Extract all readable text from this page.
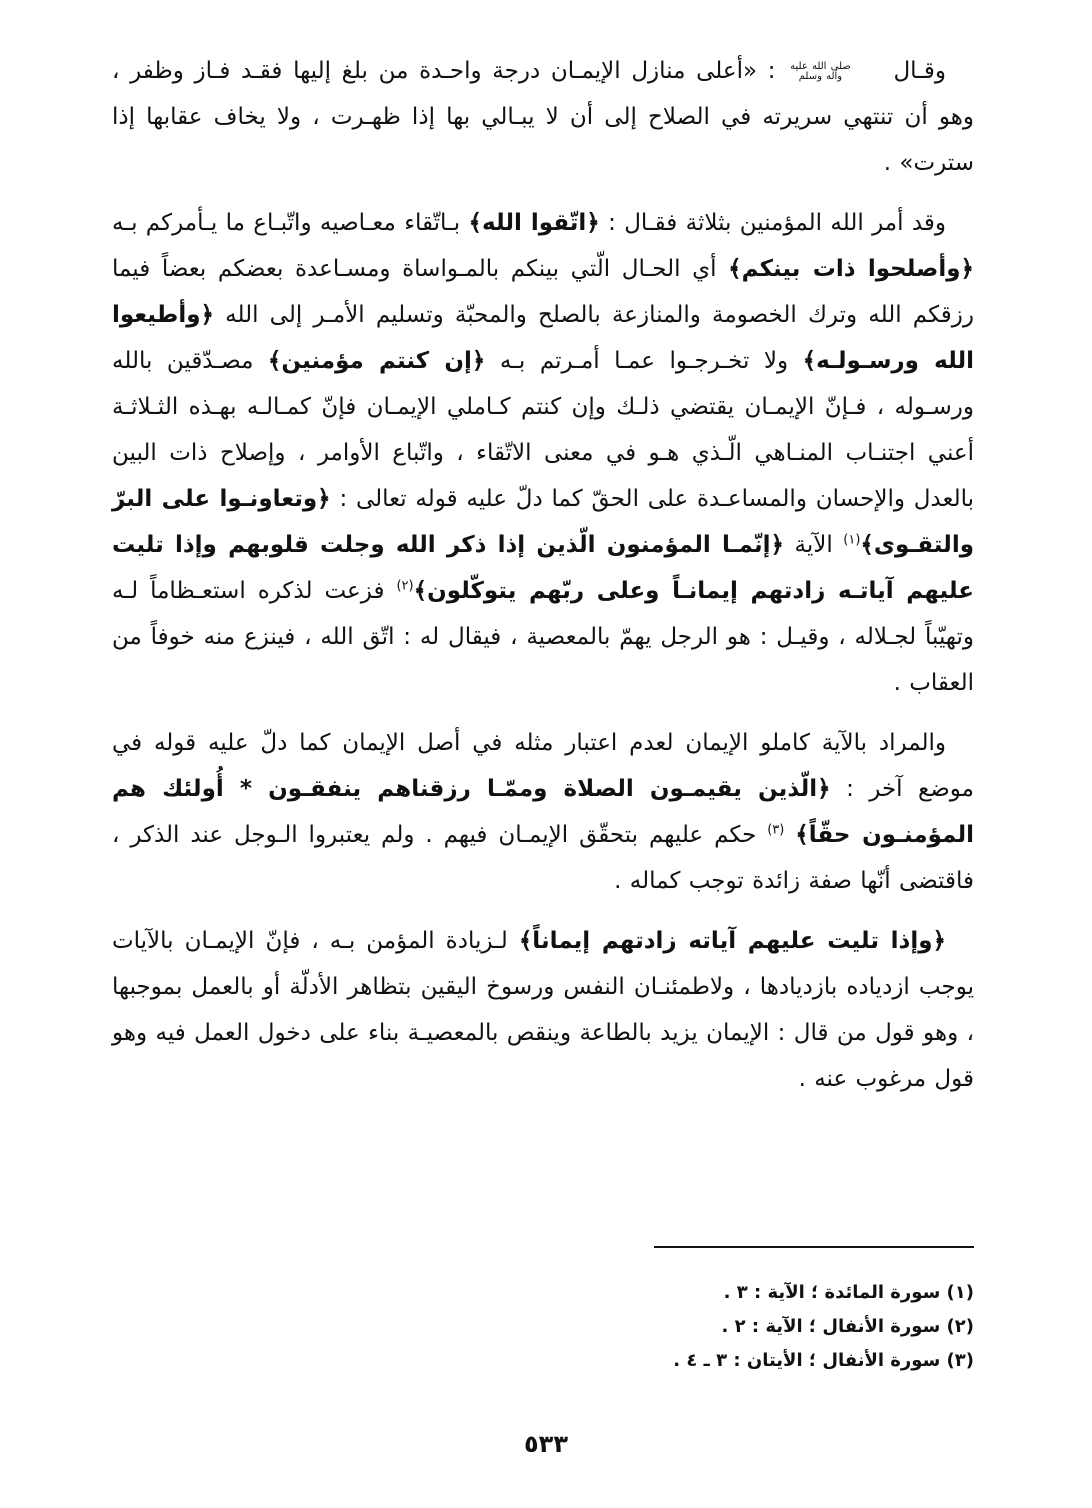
وقـال
صلى الله عليه
وآله وسلم
: «أعلى منازل الإيمـان درجة واحـدة من بلغ إليها فقـد فـاز وظفر ، وهو أن تنتهي سريرته في الصلاح إلى أن لا يبـالي بها إذا ظهـرت ، ولا يخاف عقابها إذا سترت» .

وقد أمر الله المؤمنين بثلاثة فقـال : ﴿اتّقوا الله﴾ بـاتّقاء معـاصيه واتّبـاع ما يـأمركم بـه ﴿وأصلحوا ذات بينكم﴾ أي الحـال الّتي بينكم بالمـواساة ومسـاعدة بعضكم بعضاً فيما رزقكم الله وترك الخصومة والمنازعة بالصلح والمحبّة وتسليم الأمـر إلى الله ﴿وأطيعوا الله ورسـولـه﴾ ولا تخـرجـوا عمـا أمـرتم بـه ﴿إن كنتم مؤمنين﴾ مصـدّقين بالله ورسـوله ، فـإنّ الإيمـان يقتضي ذلـك وإن كنتم كـاملي الإيمـان فإنّ كمـالـه بهـذه الثـلاثـة أعني اجتنـاب المنـاهي الّـذي هـو في معنى الاتّقاء ، واتّباع الأوامر ، وإصلاح ذات البين بالعدل والإحسان والمساعـدة على الحقّ كما دلّ عليه قوله تعالى : ﴿وتعاونـوا على البرّ والتقـوى﴾$^{(١)}$ الآية ﴿إنّمـا المؤمنون الّذين إذا ذكر الله وجلت قلوبهم وإذا تليت عليهم آياتـه زادتهم إيمانـاً وعلى ربّهم يتوكّلون﴾$^{(٢)}$ فزعت لذكره استعـظاماً لـه وتهيّباً لجـلاله ، وقيـل : هو الرجل يهمّ بالمعصية ، فيقال له : اتّق الله ، فينزع منه خوفاً من العقاب .

والمراد بالآية كاملو الإيمان لعدم اعتبار مثله في أصل الإيمان كما دلّ عليه قوله في موضع آخر : ﴿الّذين يقيمـون الصلاة وممّـا رزقناهم ينفقـون * أُولئك هم المؤمنـون حقّاً﴾ $^{(٣)}$ حكم عليهم بتحقّق الإيمـان فيهم . ولم يعتبروا الـوجل عند الذكر ، فاقتضى أنّها صفة زائدة توجب كماله .

﴿وإذا تليت عليهم آياته زادتهم إيماناً﴾ لـزيادة المؤمن بـه ، فإنّ الإيمـان بالآيات يوجب ازدياده بازديادها ، ولاطمئنـان النفس ورسوخ اليقين بتظاهر الأدلّة أو بالعمل بموجبها ، وهو قول من قال : الإيمان يزيد بالطاعة وينقص بالمعصيـة بناء على دخول العمل فيه وهو قول مرغوب عنه .

(١) سورة المائدة ؛ الآية : ٣ .
(٢) سورة الأنفال ؛ الآية : ٢ .
(٣) سورة الأنفال ؛ الأيتان : ٣ ـ ٤ .
٥٣٣
